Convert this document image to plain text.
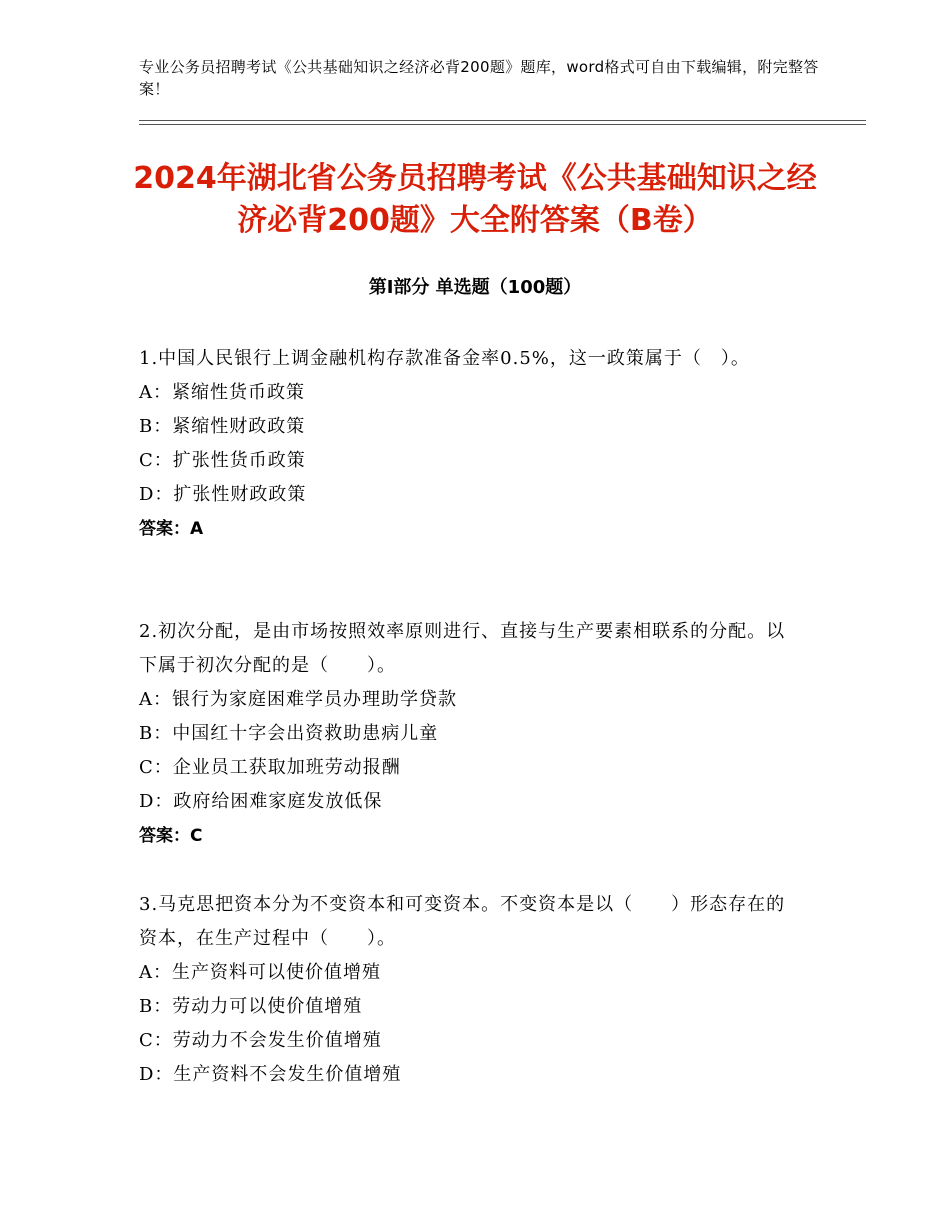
专业公务员招聘考试《公共基础知识之经济必背200题》题库，word格式可自由下载编辑，附完整答案！

2024年湖北省公务员招聘考试《公共基础知识之经济必背200题》大全附答案（B卷）
第Ⅰ部分 单选题（100题）

1.中国人民银行上调金融机构存款准备金率0.5%，这一政策属于（　）。

A：紧缩性货币政策

B：紧缩性财政政策

C：扩张性货币政策

D：扩张性财政政策

答案：A

2.初次分配，是由市场按照效率原则进行、直接与生产要素相联系的分配。以下属于初次分配的是（　　）。

A：银行为家庭困难学员办理助学贷款

B：中国红十字会出资救助患病儿童

C：企业员工获取加班劳动报酬

D：政府给困难家庭发放低保

答案：C

3.马克思把资本分为不变资本和可变资本。不变资本是以（　　）形态存在的资本，在生产过程中（　　）。

A：生产资料可以使价值增殖

B：劳动力可以使价值增殖

C：劳动力不会发生价值增殖

D：生产资料不会发生价值增殖
